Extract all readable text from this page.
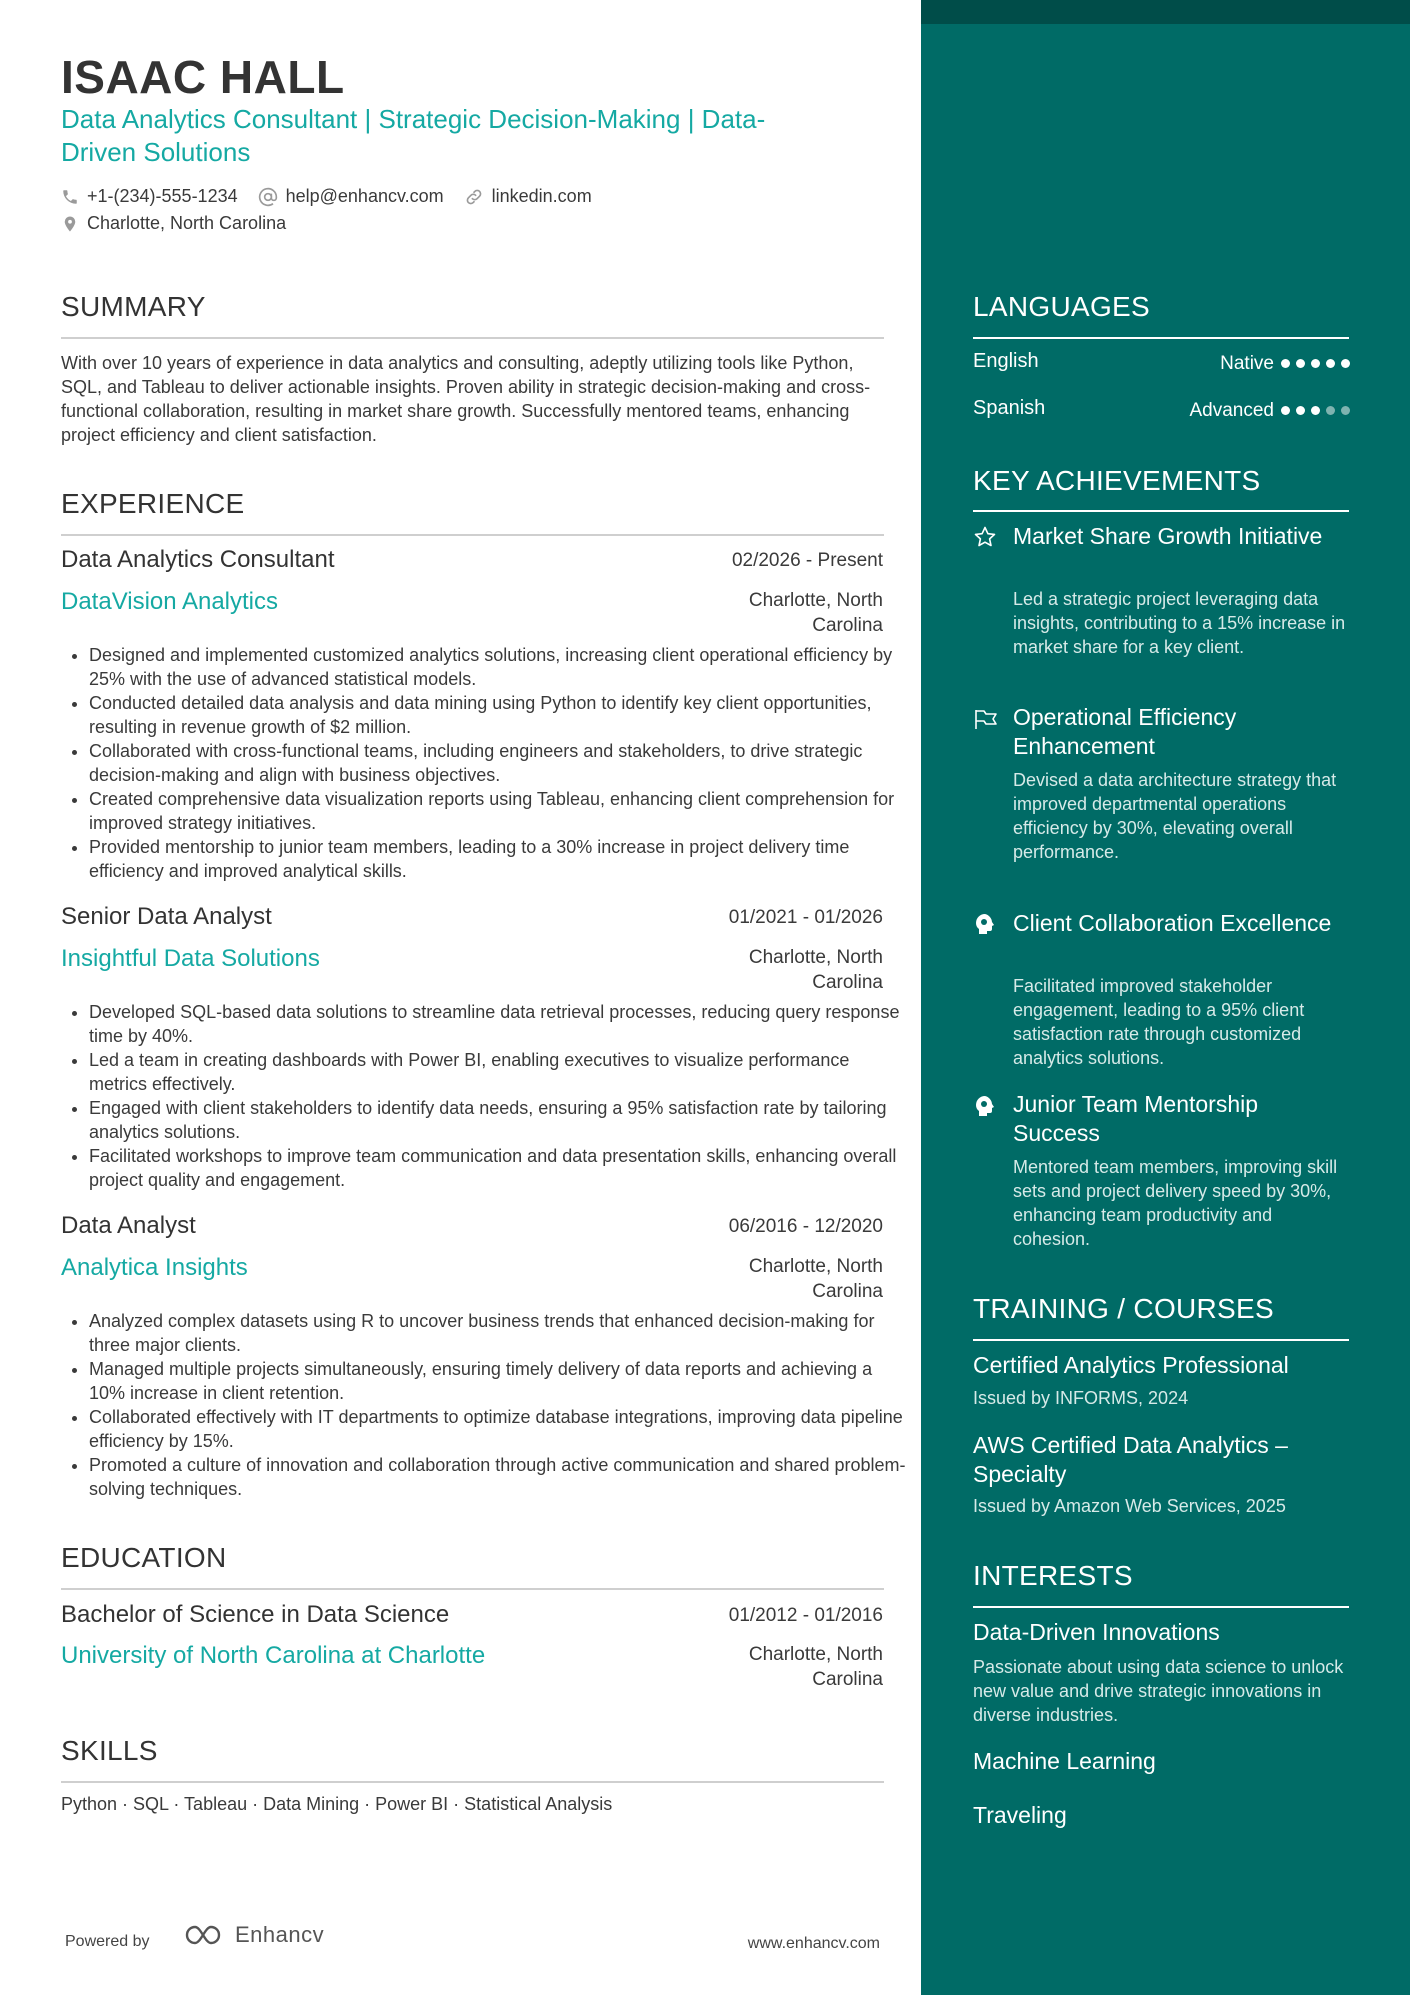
ISAAC HALL
Data Analytics Consultant | Strategic Decision-Making | Data-Driven Solutions
+1-(234)-555-1234	help@enhancv.com	linkedin.com
Charlotte, North Carolina
SUMMARY
With over 10 years of experience in data analytics and consulting, adeptly utilizing tools like Python, SQL, and Tableau to deliver actionable insights. Proven ability in strategic decision-making and cross-functional collaboration, resulting in market share growth. Successfully mentored teams, enhancing project efficiency and client satisfaction.
EXPERIENCE
Data Analytics Consultant	02/2026 - Present
DataVision Analytics	Charlotte, North Carolina
• Designed and implemented customized analytics solutions, increasing client operational efficiency by 25% with the use of advanced statistical models.
• Conducted detailed data analysis and data mining using Python to identify key client opportunities, resulting in revenue growth of $2 million.
• Collaborated with cross-functional teams, including engineers and stakeholders, to drive strategic decision-making and align with business objectives.
• Created comprehensive data visualization reports using Tableau, enhancing client comprehension for improved strategy initiatives.
• Provided mentorship to junior team members, leading to a 30% increase in project delivery time efficiency and improved analytical skills.
Senior Data Analyst	01/2021 - 01/2026
Insightful Data Solutions	Charlotte, North Carolina
• Developed SQL-based data solutions to streamline data retrieval processes, reducing query response time by 40%.
• Led a team in creating dashboards with Power BI, enabling executives to visualize performance metrics effectively.
• Engaged with client stakeholders to identify data needs, ensuring a 95% satisfaction rate by tailoring analytics solutions.
• Facilitated workshops to improve team communication and data presentation skills, enhancing overall project quality and engagement.
Data Analyst	06/2016 - 12/2020
Analytica Insights	Charlotte, North Carolina
• Analyzed complex datasets using R to uncover business trends that enhanced decision-making for three major clients.
• Managed multiple projects simultaneously, ensuring timely delivery of data reports and achieving a 10% increase in client retention.
• Collaborated effectively with IT departments to optimize database integrations, improving data pipeline efficiency by 15%.
• Promoted a culture of innovation and collaboration through active communication and shared problem-solving techniques.
EDUCATION
Bachelor of Science in Data Science	01/2012 - 01/2016
University of North Carolina at Charlotte	Charlotte, North Carolina
SKILLS
Python · SQL · Tableau · Data Mining · Power BI · Statistical Analysis
Powered by	Enhancv	www.enhancv.com
LANGUAGES
English	Native
Spanish	Advanced
KEY ACHIEVEMENTS
Market Share Growth Initiative
Led a strategic project leveraging data insights, contributing to a 15% increase in market share for a key client.
Operational Efficiency Enhancement
Devised a data architecture strategy that improved departmental operations efficiency by 30%, elevating overall performance.
Client Collaboration Excellence
Facilitated improved stakeholder engagement, leading to a 95% client satisfaction rate through customized analytics solutions.
Junior Team Mentorship Success
Mentored team members, improving skill sets and project delivery speed by 30%, enhancing team productivity and cohesion.
TRAINING / COURSES
Certified Analytics Professional
Issued by INFORMS, 2024
AWS Certified Data Analytics – Specialty
Issued by Amazon Web Services, 2025
INTERESTS
Data-Driven Innovations
Passionate about using data science to unlock new value and drive strategic innovations in diverse industries.
Machine Learning
Traveling
